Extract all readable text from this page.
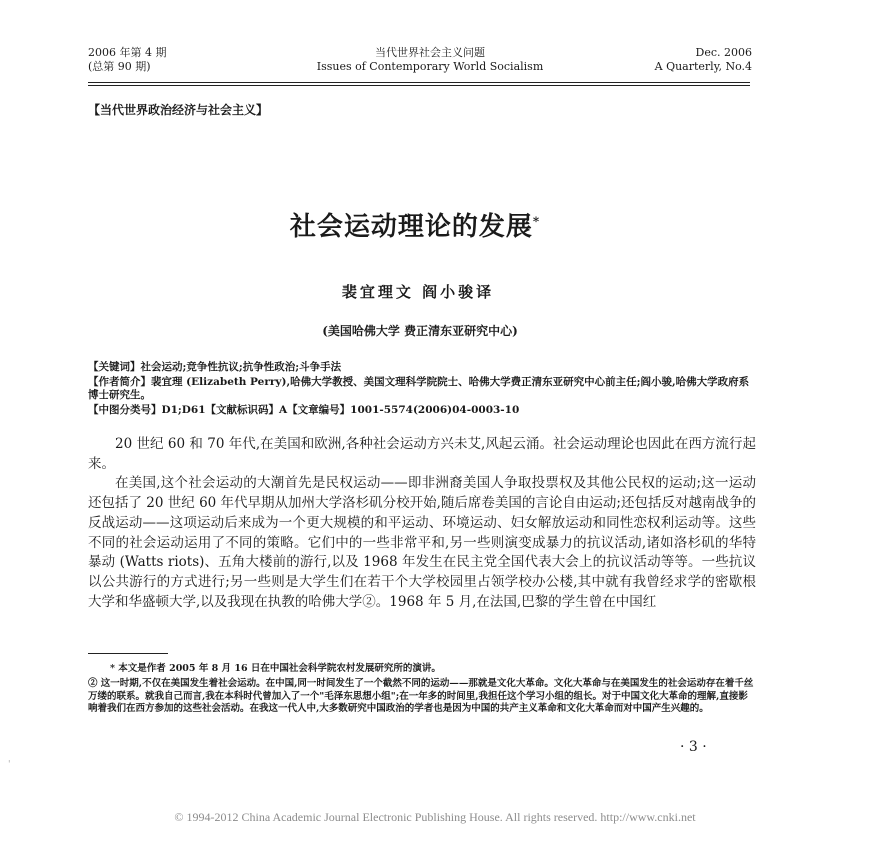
2006 年第 4 期
(总第 90 期)
当代世界社会主义问题
Issues of Contemporary World Socialism
Dec. 2006
A Quarterly, No.4
【当代世界政治经济与社会主义】
社会运动理论的发展*
裴宜理文 阎小骏译
(美国哈佛大学 费正清东亚研究中心)
【关键词】社会运动;竞争性抗议;抗争性政治;斗争手法
【作者简介】裴宜理 (Elizabeth Perry),哈佛大学教授、美国文理科学院院士、哈佛大学费正清东亚研究中心前主任;阎小骏,哈佛大学政府系博士研究生。
【中图分类号】D1;D61【文献标识码】A【文章编号】1001-5574(2006)04-0003-10

20 世纪 60 和 70 年代,在美国和欧洲,各种社会运动方兴未艾,风起云涌。社会运动理论也因此在西方流行起来。

在美国,这个社会运动的大潮首先是民权运动——即非洲裔美国人争取投票权及其他公民权的运动;这一运动还包括了 20 世纪 60 年代早期从加州大学洛杉矶分校开始,随后席卷美国的言论自由运动;还包括反对越南战争的反战运动——这项运动后来成为一个更大规模的和平运动、环境运动、妇女解放运动和同性恋权利运动等。这些不同的社会运动运用了不同的策略。它们中的一些非常平和,另一些则演变成暴力的抗议活动,诸如洛杉矶的华特暴动 (Watts riots)、五角大楼前的游行,以及 1968 年发生在民主党全国代表大会上的抗议活动等等。一些抗议以公共游行的方式进行;另一些则是大学生们在若干个大学校园里占领学校办公楼,其中就有我曾经求学的密歇根大学和华盛顿大学,以及我现在执教的哈佛大学②。1968 年 5 月,在法国,巴黎的学生曾在中国红

* 本文是作者 2005 年 8 月 16 日在中国社会科学院农村发展研究所的演讲。
② 这一时期,不仅在美国发生着社会运动。在中国,同一时间发生了一个截然不同的运动——那就是文化大革命。文化大革命与在美国发生的社会运动存在着千丝万缕的联系。就我自己而言,我在本科时代曾加入了一个"毛泽东思想小组";在一年多的时间里,我担任这个学习小组的组长。对于中国文化大革命的理解,直接影响着我们在西方参加的这些社会活动。在我这一代人中,大多数研究中国政治的学者也是因为中国的共产主义革命和文化大革命而对中国产生兴趣的。
· 3 ·
'
© 1994-2012 China Academic Journal Electronic Publishing House. All rights reserved. http://www.cnki.net
